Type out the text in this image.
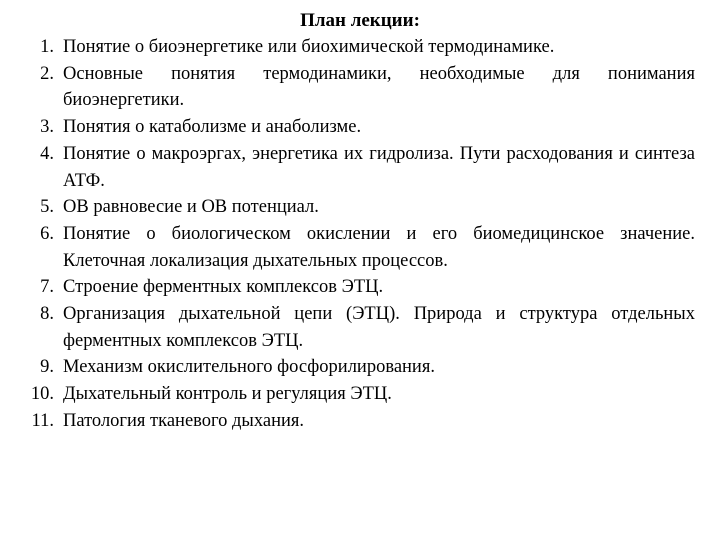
План лекции:
1. Понятие о биоэнергетике или биохимической термодинамике.
2. Основные понятия термодинамики, необходимые для понимания биоэнергетики.
3. Понятия о катаболизме и анаболизме.
4. Понятие о макроэргах, энергетика их гидролиза. Пути расходования и синтеза АТФ.
5. ОВ равновесие и ОВ потенциал.
6. Понятие о биологическом окислении и его биомедицинское значение. Клеточная локализация дыхательных процессов.
7. Строение ферментных комплексов ЭТЦ.
8. Организация дыхательной цепи (ЭТЦ). Природа и структура отдельных ферментных комплексов ЭТЦ.
9. Механизм окислительного фосфорилирования.
10. Дыхательный контроль и регуляция ЭТЦ.
11. Патология тканевого дыхания.
